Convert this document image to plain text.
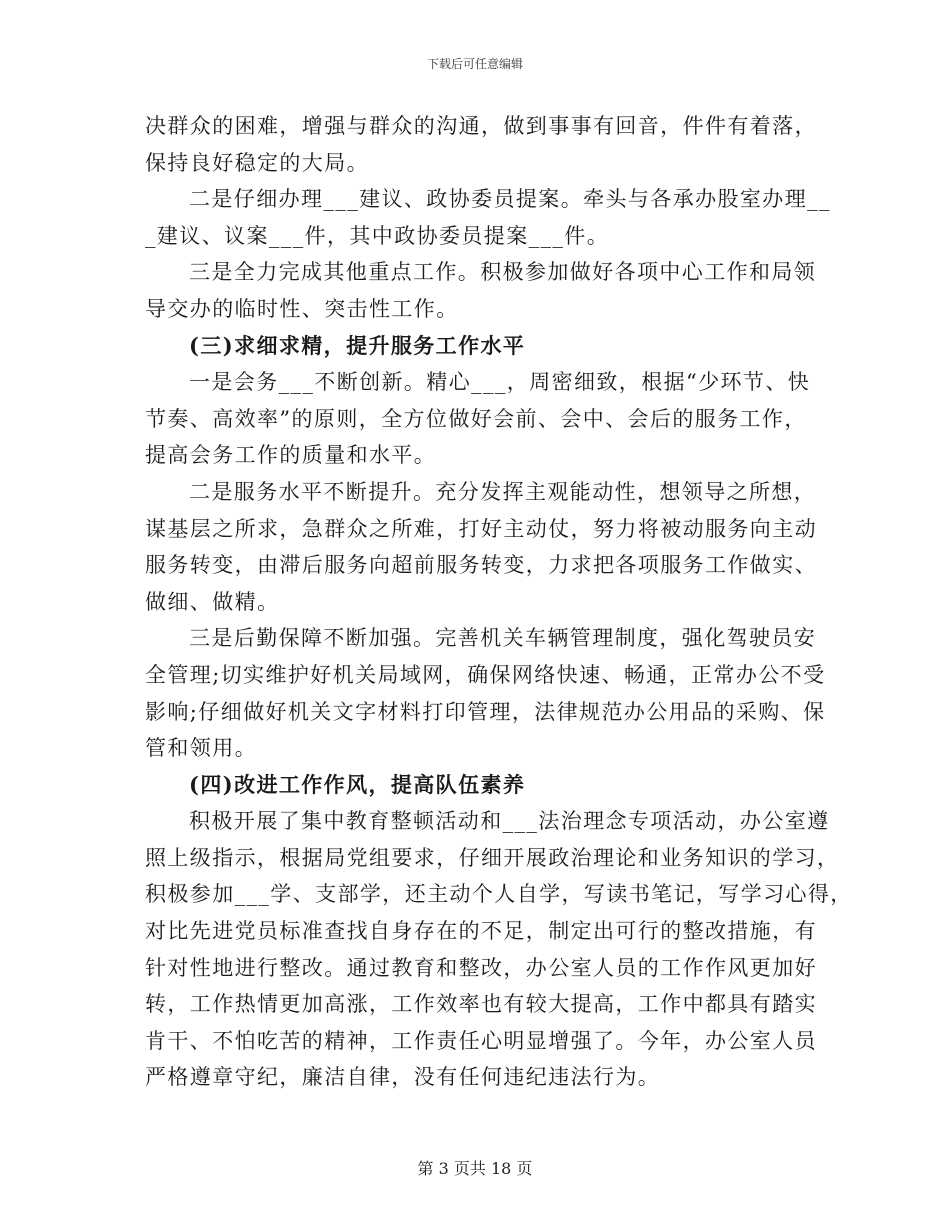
下载后可任意编辑
决群众的困难，增强与群众的沟通，做到事事有回音，件件有着落，
保持良好稳定的大局。
二是仔细办理___建议、政协委员提案。牵头与各承办股室办理__
_建议、议案___件，其中政协委员提案___件。
三是全力完成其他重点工作。积极参加做好各项中心工作和局领
导交办的临时性、突击性工作。
(三)求细求精，提升服务工作水平
一是会务___不断创新。精心___，周密细致，根据“少环节、快
节奏、高效率”的原则，全方位做好会前、会中、会后的服务工作，
提高会务工作的质量和水平。
二是服务水平不断提升。充分发挥主观能动性，想领导之所想，
谋基层之所求，急群众之所难，打好主动仗，努力将被动服务向主动
服务转变，由滞后服务向超前服务转变，力求把各项服务工作做实、
做细、做精。
三是后勤保障不断加强。完善机关车辆管理制度，强化驾驶员安
全管理;切实维护好机关局域网，确保网络快速、畅通，正常办公不受
影响;仔细做好机关文字材料打印管理，法律规范办公用品的采购、保
管和领用。
(四)改进工作作风，提高队伍素养
积极开展了集中教育整顿活动和___法治理念专项活动，办公室遵
照上级指示，根据局党组要求，仔细开展政治理论和业务知识的学习，
积极参加___学、支部学，还主动个人自学，写读书笔记，写学习心得，
对比先进党员标准查找自身存在的不足，制定出可行的整改措施，有
针对性地进行整改。通过教育和整改，办公室人员的工作作风更加好
转，工作热情更加高涨，工作效率也有较大提高，工作中都具有踏实
肯干、不怕吃苦的精神，工作责任心明显增强了。今年，办公室人员
严格遵章守纪，廉洁自律，没有任何违纪违法行为。
第 3 页共 18 页
